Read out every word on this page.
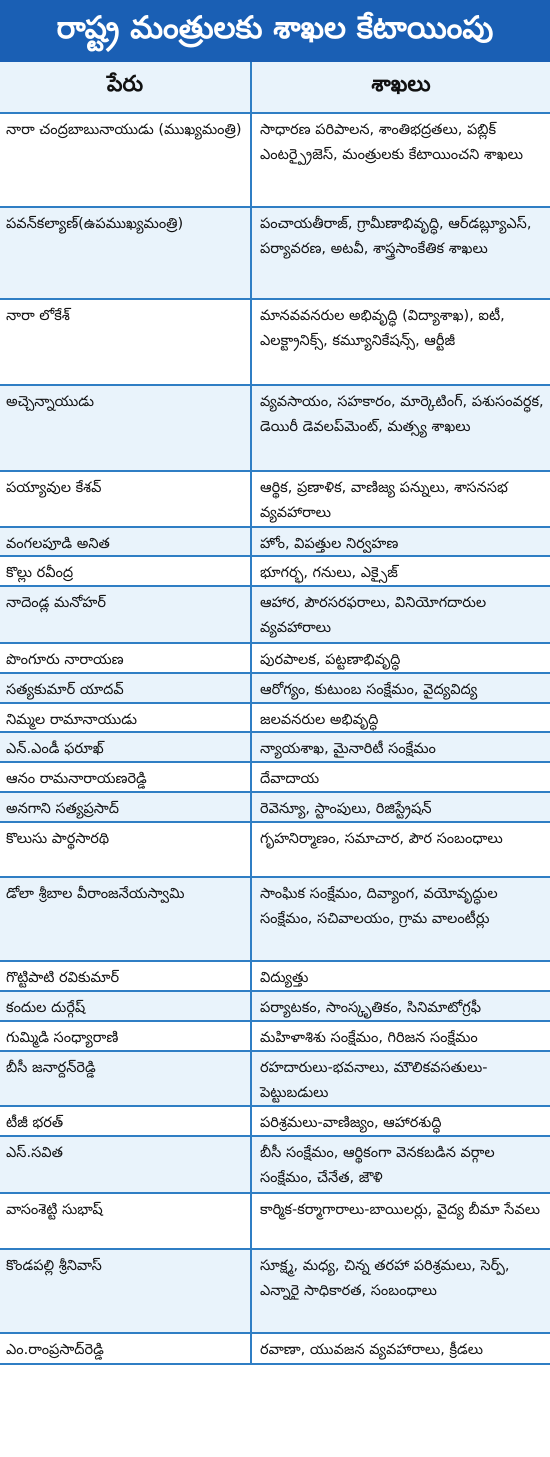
రాష్ట్ర మంత్రులకు శాఖల కేటాయింపు
పేరు	శాఖలు
నారా చంద్రబాబునాయుడు (ముఖ్యమంత్రి)	సాధారణ పరిపాలన, శాంతిభద్రతలు, పబ్లిక్ ఎంటర్ప్రైజెస్, మంత్రులకు కేటాయించని శాఖలు
పవన్‌కల్యాణ్(ఉపముఖ్యమంత్రి)	పంచాయతీరాజ్, గ్రామీణాభివృద్ధి, ఆర్‌డబ్ల్యూఎస్, పర్యావరణ, అటవీ, శాస్త్రసాంకేతిక శాఖలు
నారా లోకేశ్	మానవవనరుల అభివృద్ధి (విద్యాశాఖ), ఐటీ, ఎలక్ట్రానిక్స్, కమ్యూనికేషన్స్, ఆర్టీజీ
అచ్చెన్నాయుడు	వ్యవసాయం, సహకారం, మార్కెటింగ్, పశుసంవర్ధక, డెయిరీ డెవలప్‌మెంట్, మత్స్య శాఖలు
పయ్యావుల కేశవ్	ఆర్థిక, ప్రణాళిక, వాణిజ్య పన్నులు, శాసనసభ వ్యవహారాలు
వంగలపూడి అనిత	హోం, విపత్తుల నిర్వహణ
కొల్లు రవీంద్ర	భూగర్భ, గనులు, ఎక్సైజ్
నాదెండ్ల మనోహర్	ఆహార, పౌరసరఫరాలు, వినియోగదారుల వ్యవహారాలు
పొంగూరు నారాయణ	పురపాలక, పట్టణాభివృద్ధి
సత్యకుమార్ యాదవ్	ఆరోగ్యం, కుటుంబ సంక్షేమం, వైద్యవిద్య
నిమ్మల రామానాయుడు	జలవనరుల అభివృద్ధి
ఎన్.ఎండీ ఫరూఖ్	న్యాయశాఖ, మైనారిటీ సంక్షేమం
ఆనం రామనారాయణరెడ్డి	దేవాదాయ
అనగాని సత్యప్రసాద్	రెవెన్యూ, స్టాంపులు, రిజిస్ట్రేషన్
కొలుసు పార్థసారథి	గృహనిర్మాణం, సమాచార, పౌర సంబంధాలు
డోలా శ్రీబాల వీరాంజనేయస్వామి	సాంఘిక సంక్షేమం, దివ్యాంగ, వయోవృద్ధుల సంక్షేమం, సచివాలయం, గ్రామ వాలంటీర్లు
గొట్టిపాటి రవికుమార్	విద్యుత్తు
కందుల దుర్గేష్	పర్యాటకం, సాంస్కృతికం, సినిమాటోగ్రఫీ
గుమ్మిడి సంధ్యారాణి	మహిళాశిశు సంక్షేమం, గిరిజన సంక్షేమం
బీసీ జనార్దన్‌రెడ్డి	రహదారులు-భవనాలు, మౌలికవసతులు-పెట్టుబడులు
టీజీ భరత్	పరిశ్రమలు-వాణిజ్యం, ఆహారశుద్ధి
ఎస్.సవిత	బీసీ సంక్షేమం, ఆర్థికంగా వెనకబడిన వర్గాల సంక్షేమం, చేనేత, జౌళి
వాసంశెట్టి సుభాష్	కార్మిక-కర్మాగారాలు-బాయిలర్లు, వైద్య బీమా సేవలు
కొండపల్లి శ్రీనివాస్	సూక్ష్మ, మధ్య, చిన్న తరహా పరిశ్రమలు, సెర్ప్, ఎన్నారై సాధికారత, సంబంధాలు
ఎం.రాంప్రసాద్‌రెడ్డి	రవాణా, యువజన వ్యవహారాలు, క్రీడలు
